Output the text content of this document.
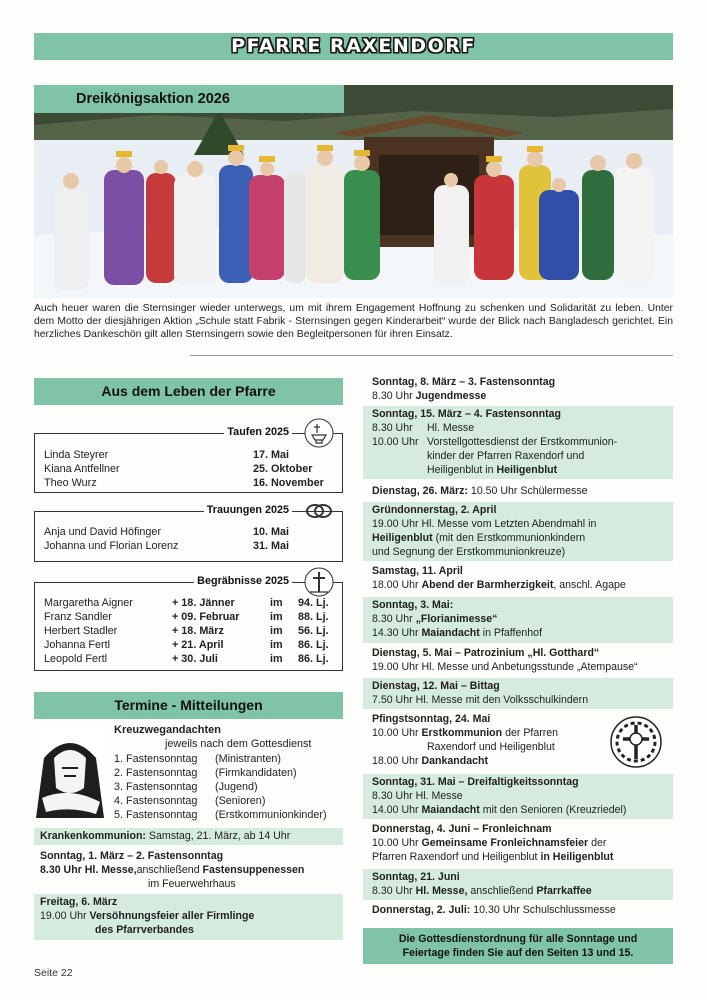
PFARRE RAXENDORF
Dreikönigsaktion 2026
Auch heuer waren die Sternsinger wieder unterwegs, um mit ihrem Engagement Hoffnung zu schenken und Solidarität zu leben. Unter dem Motto der diesjährigen Aktion „Schule statt Fabrik - Sternsingen gegen Kinderarbeit“ wurde der Blick nach Bangladesch gerichtet. Ein herzliches Dankeschön gilt allen Sternsingern sowie den Begleitpersonen für ihren Einsatz.
Aus dem Leben der Pfarre
Taufen 2025
Linda Steyrer	17. Mai
Kiana Antfellner	25. Oktober
Theo Wurz	16. November
Trauungen 2025
Anja und David Höfinger	10. Mai
Johanna und Florian Lorenz	31. Mai
Begräbnisse 2025
Margaretha Aigner	+ 18. Jänner	im 94. Lj.
Franz Sandler	+ 09. Februar	im 88. Lj.
Herbert Stadler	+ 18. März	im 56. Lj.
Johanna Fertl	+ 21. April	im 86. Lj.
Leopold Fertl	+ 30. Juli	im 86. Lj.
Termine - Mitteilungen
Kreuzwegandachten
jeweils nach dem Gottesdienst
1. Fastensonntag (Ministranten)
2. Fastensonntag (Firmkandidaten)
3. Fastensonntag (Jugend)
4. Fastensonntag (Senioren)
5. Fastensonntag (Erstkommunionkinder)
Krankenkommunion: Samstag, 21. März, ab 14 Uhr
Sonntag, 1. März – 2. Fastensonntag
8.30 Uhr Hl. Messe,anschließend Fastensuppenessen
im Feuerwehrhaus
Freitag, 6. März
19.00 Uhr Versöhnungsfeier aller Firmlinge
des Pfarrverbandes
Sonntag, 8. März – 3. Fastensonntag
8.30 Uhr Jugendmesse
Sonntag, 15. März – 4. Fastensonntag
8.30 Uhr Hl. Messe
10.00 Uhr Vorstellgottesdienst der Erstkommunion-
kinder der Pfarren Raxendorf und
Heiligenblut in Heiligenblut
Dienstag, 26. März: 10.50 Uhr Schülermesse
Gründonnerstag, 2. April
19.00 Uhr Hl. Messe vom Letzten Abendmahl in
Heiligenblut (mit den Erstkommunionkindern
und Segnung der Erstkommunionkreuze)
Samstag, 11. April
18.00 Uhr Abend der Barmherzigkeit, anschl. Agape
Sonntag, 3. Mai:
8.30 Uhr „Florianimesse“
14.30 Uhr Maiandacht in Pfaffenhof
Dienstag, 5. Mai – Patrozinium „Hl. Gotthard“
19.00 Uhr Hl. Messe und Anbetungsstunde „Atempause“
Dienstag, 12. Mai – Bittag
7.50 Uhr Hl. Messe mit den Volksschulkindern
Pfingstsonntag, 24. Mai
10.00 Uhr Erstkommunion der Pfarren
Raxendorf und Heiligenblut
18.00 Uhr Dankandacht
Sonntag, 31. Mai – Dreifaltigkeitssonntag
8.30 Uhr Hl. Messe
14.00 Uhr Maiandacht mit den Senioren (Kreuzriedel)
Donnerstag, 4. Juni – Fronleichnam
10.00 Uhr Gemeinsame Fronleichnamsfeier der
Pfarren Raxendorf und Heiligenblut in Heiligenblut
Sonntag, 21. Juni
8.30 Uhr Hl. Messe, anschließend Pfarrkaffee
Donnerstag, 2. Juli: 10.30 Uhr Schulschlussmesse
Die Gottesdienstordnung für alle Sonntage und
Feiertage finden Sie auf den Seiten 13 und 15.
Seite 22
